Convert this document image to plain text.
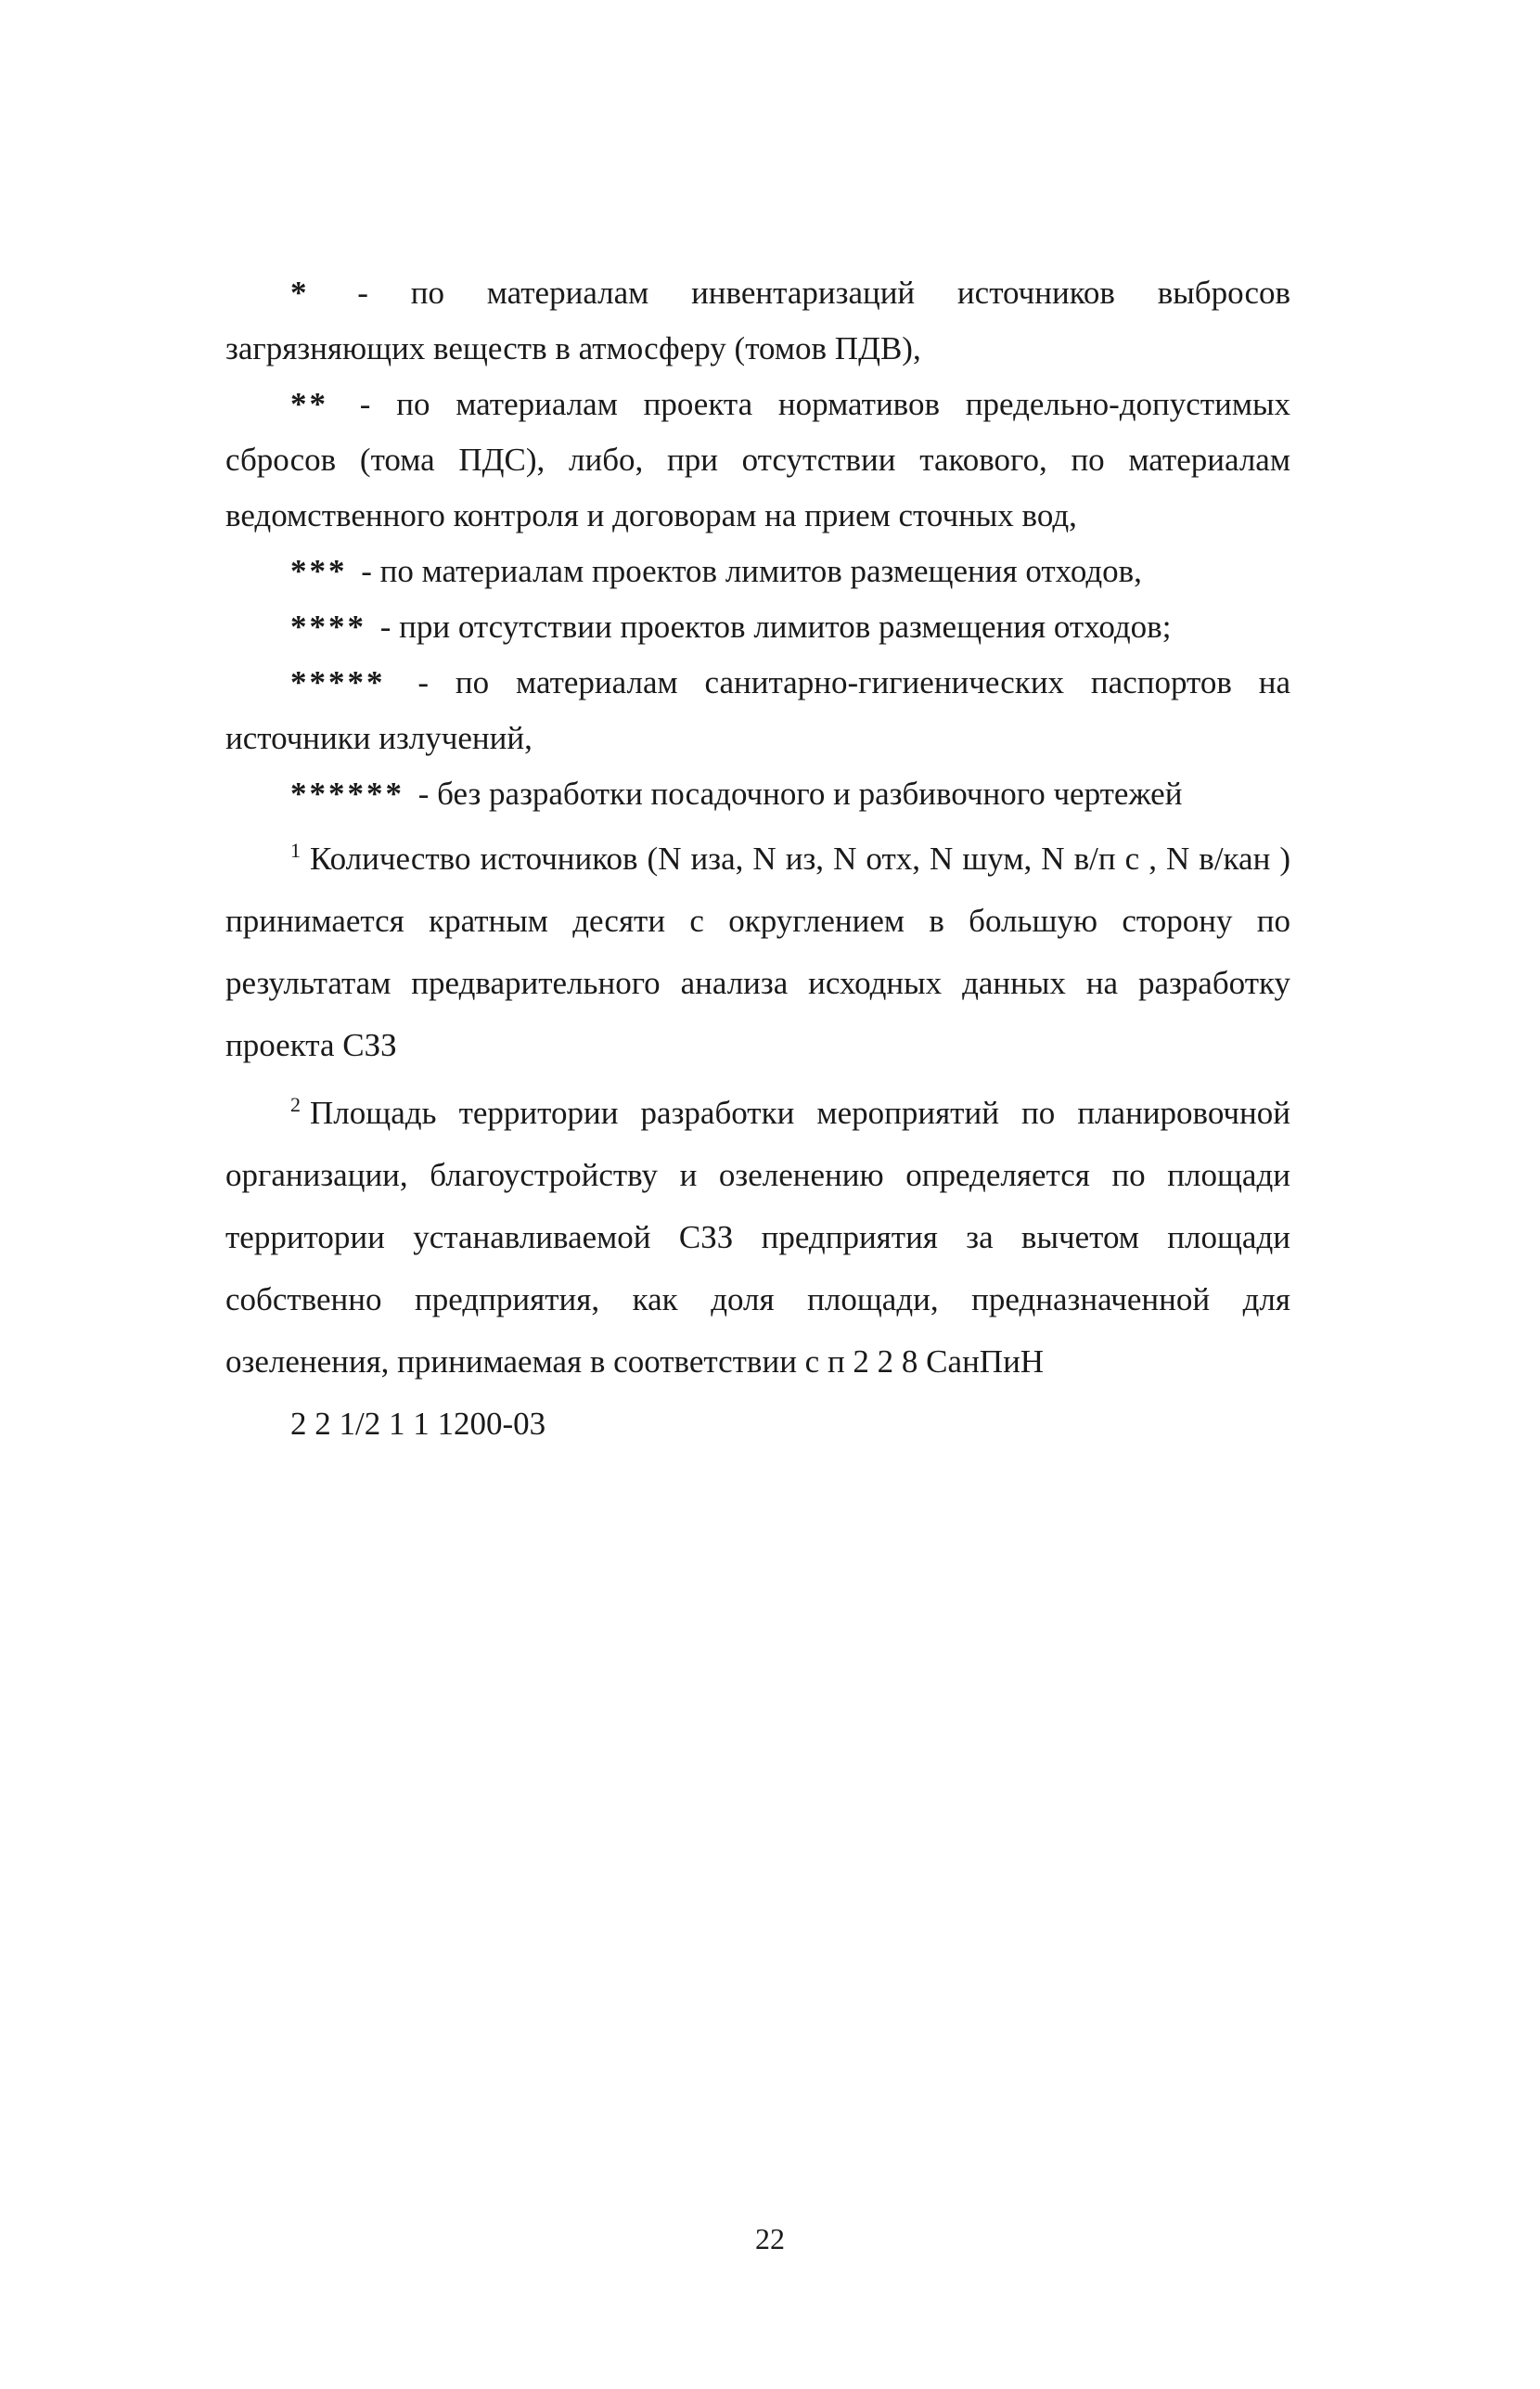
* - по материалам инвентаризаций источников выбросов загрязняющих веществ в атмосферу (томов ПДВ),

** - по материалам проекта нормативов предельно-допустимых сбросов (тома ПДС), либо, при отсутствии такового, по материалам ведомственного контроля и договорам на прием сточных вод,

*** - по материалам проектов лимитов размещения отходов,

**** - при отсутствии проектов лимитов размещения отходов;

***** - по материалам санитарно-гигиенических паспортов на источники излучений,

****** - без разработки посадочного и разбивочного чертежей

$^1$ Количество источников (N иза, N из, N отх, N шум, N в/п с , N в/кан ) принимается кратным десяти с округлением в большую сторону по результатам предварительного анализа исходных данных на разработку проекта СЗЗ

$^2$ Площадь территории разработки мероприятий по планировочной организации, благоустройству и озеленению определяется по площади территории устанавливаемой СЗЗ предприятия за вычетом площади собственно предприятия, как доля площади, предназначенной для озеленения, принимаемая в соответствии с п 2 2 8 СанПиН
2 2 1/2 1 1 1200-03

22
